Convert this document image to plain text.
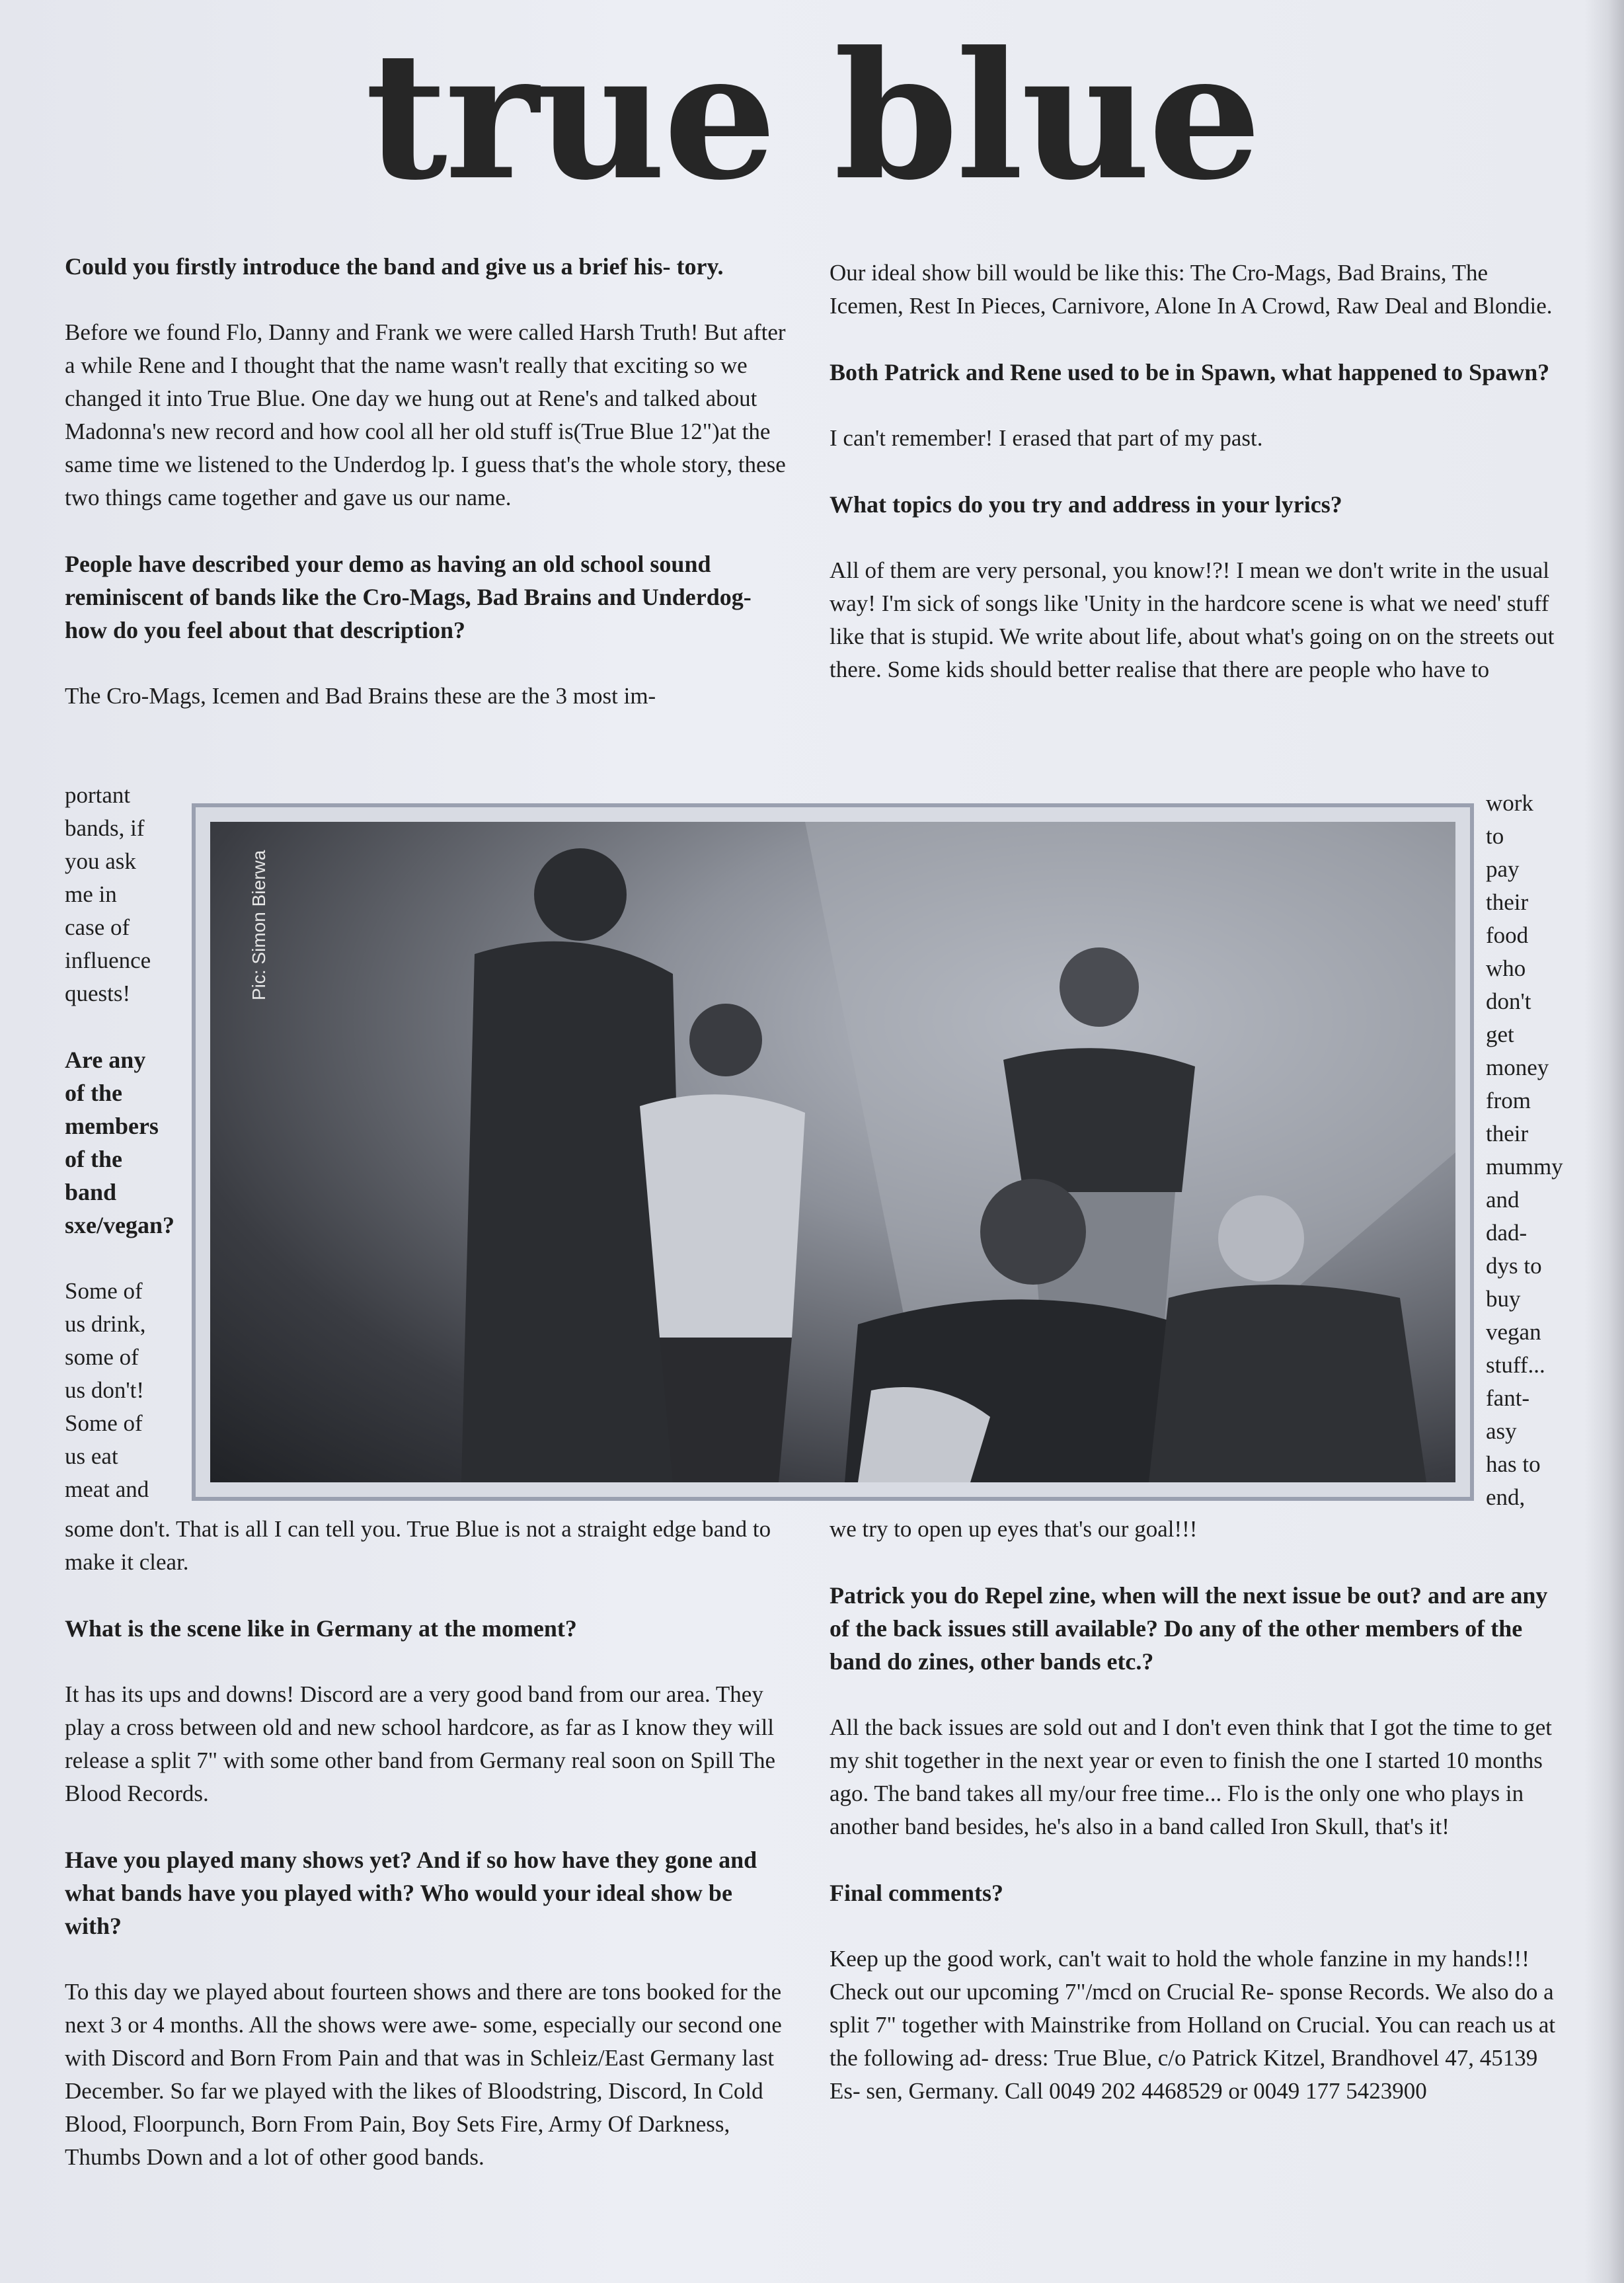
true blue

Could you firstly introduce the band and give us a brief his- tory.

Before we found Flo, Danny and Frank we were called Harsh Truth! But after a while Rene and I thought that the name wasn't really that exciting so we changed it into True Blue. One day we hung out at Rene's and talked about Madonna's new record and how cool all her old stuff is(True Blue 12")at the same time we listened to the Underdog lp. I guess that's the whole story, these two things came together and gave us our name.

People have described your demo as having an old school sound reminiscent of bands like the Cro-Mags, Bad Brains and Underdog-how do you feel about that description?

The Cro-Mags, Icemen and Bad Brains these are the 3 most im-

portant

bands, if

you ask

me in

case of

influence

quests!

Are any

of the

members

of the

band

sxe/vegan?

Some of

us drink,

some of

us don't!

Some of

us eat

meat and

some don't. That is all I can tell you. True Blue is not a straight edge band to make it clear.

What is the scene like in Germany at the moment?

It has its ups and downs! Discord are a very good band from our area. They play a cross between old and new school hardcore, as far as I know they will release a split 7" with some other band from Germany real soon on Spill The Blood Records.

Have you played many shows yet? And if so how have they gone and what bands have you played with? Who would your ideal show be with?

To this day we played about fourteen shows and there are tons booked for the next 3 or 4 months. All the shows were awe- some, especially our second one with Discord and Born From Pain and that was in Schleiz/East Germany last December. So far we played with the likes of Bloodstring, Discord, In Cold Blood, Floorpunch, Born From Pain, Boy Sets Fire, Army Of Darkness, Thumbs Down and a lot of other good bands.

Our ideal show bill would be like this: The Cro-Mags, Bad Brains, The Icemen, Rest In Pieces, Carnivore, Alone In A Crowd, Raw Deal and Blondie.

Both Patrick and Rene used to be in Spawn, what happened to Spawn?

I can't remember! I erased that part of my past.

What topics do you try and address in your lyrics?

All of them are very personal, you know!?! I mean we don't write in the usual way! I'm sick of songs like 'Unity in the hardcore scene is what we need' stuff like that is stupid. We write about life, about what's going on on the streets out there. Some kids should better realise that there are people who have to

work

to

pay

their

food

who

don't

get

money

from

their

mummy

and

dad-

dys to

buy

vegan

stuff...

fant-

asy

has to

end,

we try to open up eyes that's our goal!!!

Patrick you do Repel zine, when will the next issue be out? and are any of the back issues still available? Do any of the other members of the band do zines, other bands etc.?

All the back issues are sold out and I don't even think that I got the time to get my shit together in the next year or even to finish the one I started 10 months ago. The band takes all my/our free time... Flo is the only one who plays in another band besides, he's also in a band called Iron Skull, that's it!

Final comments?

Keep up the good work, can't wait to hold the whole fanzine in my hands!!! Check out our upcoming 7"/mcd on Crucial Re- sponse Records. We also do a split 7" together with Mainstrike from Holland on Crucial. You can reach us at the following ad- dress: True Blue, c/o Patrick Kitzel, Brandhovel 47, 45139 Es- sen, Germany. Call 0049 202 4468529 or 0049 177 5423900

Pic: Simon Bierwa
